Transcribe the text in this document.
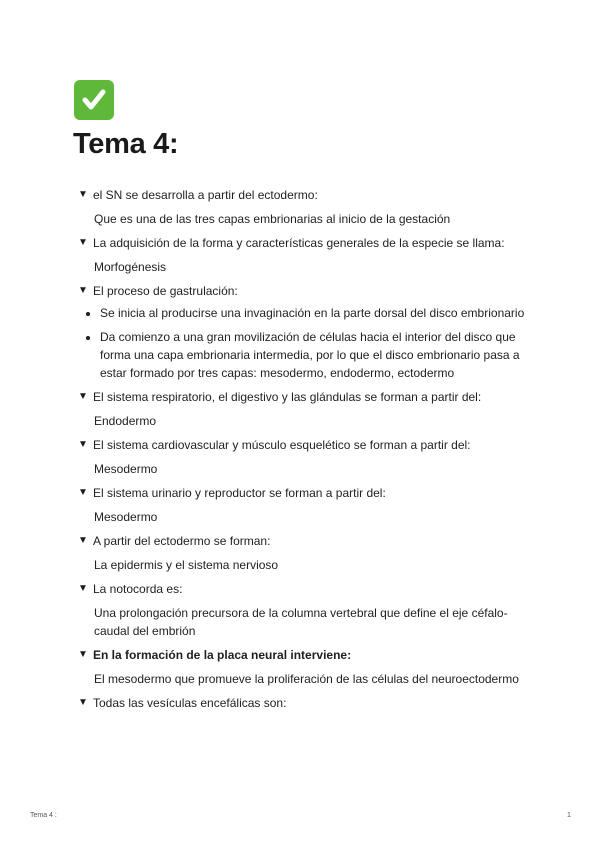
Tema 4:
▼ el SN se desarrolla a partir del ectodermo:
Que es una de las tres capas embrionarias al inicio de la gestación
▼ La adquisición de la forma y características generales de la especie se llama:
Morfogénesis
▼ El proceso de gastrulación:
• Se inicia al producirse una invaginación en la parte dorsal del disco embrionario
• Da comienzo a una gran movilización de células hacia el interior del disco que forma una capa embrionaria intermedia, por lo que el disco embrionario pasa a estar formado por tres capas: mesodermo, endodermo, ectodermo
▼ El sistema respiratorio, el digestivo y las glándulas se forman a partir del:
Endodermo
▼ El sistema cardiovascular y músculo esquelético se forman a partir del:
Mesodermo
▼ El sistema urinario y reproductor se forman a partir del:
Mesodermo
▼ A partir del ectodermo se forman:
La epidermis y el sistema nervioso
▼ La notocorda es:
Una prolongación precursora de la columna vertebral que define el eje céfalo-caudal del embrión
▼ En la formación de la placa neural interviene:
El mesodermo que promueve la proliferación de las células del neuroectodermo
▼ Todas las vesículas encefálicas son:
Tema 4 :	1
